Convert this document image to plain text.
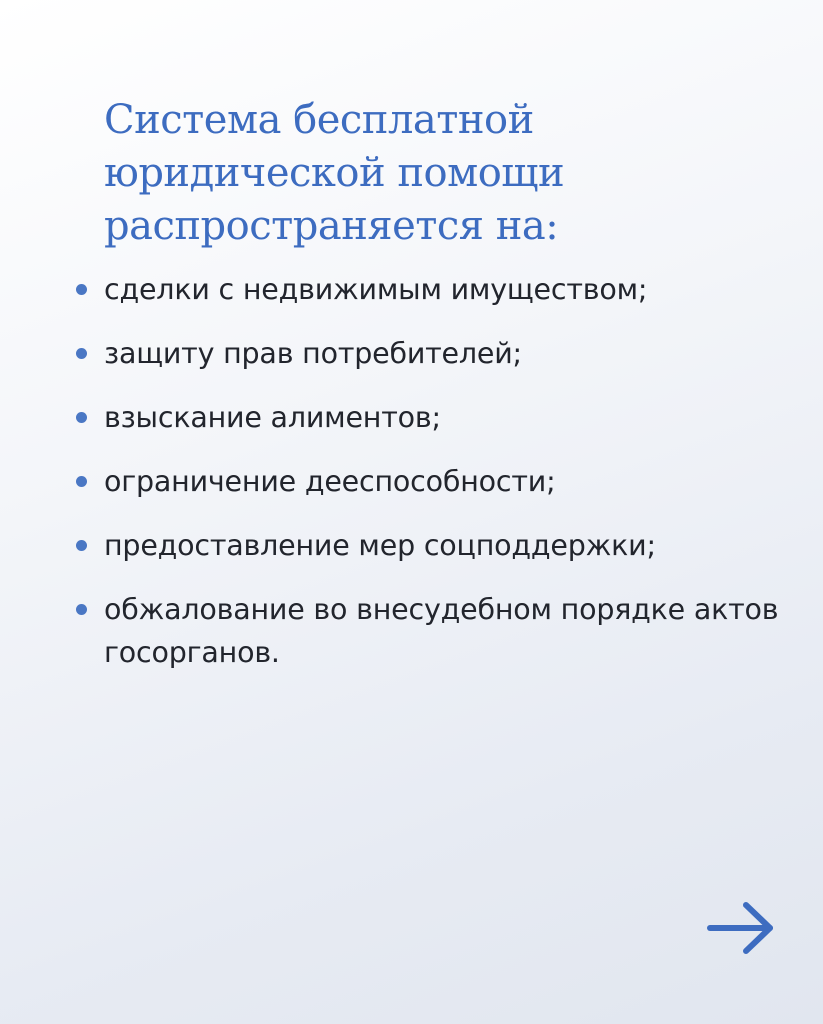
Система бесплатной
юридической помощи
распространяется на:
сделки с недвижимым имуществом;
защиту прав потребителей;
взыскание алиментов;
ограничение дееспособности;
предоставление мер соцподдержки;
обжалование во внесудебном порядке актов госорганов.
